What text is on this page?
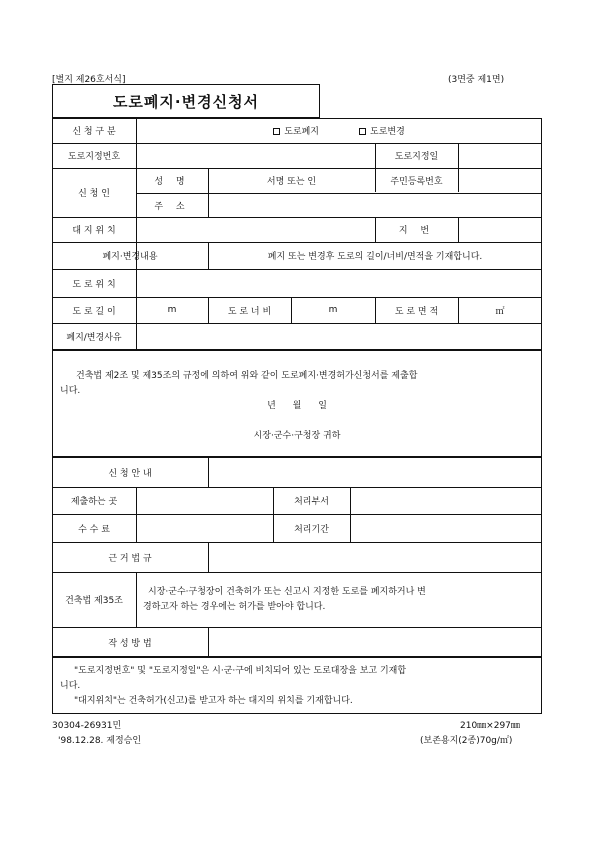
[별지 제26호서식]	(3면중 제1면)
도로폐지·변경신청서
신 청 구 분	도로폐지	도로변경
도로지정번호	도로지정일
신 청 인
성 명	서명 또는 인	주민등록번호
주 소
대 지 위 치	지 번
폐지·변경내용	폐지 또는 변경후 도로의 길이/너비/면적을 기재합니다.
도 로 위 치
도 로 길 이	m	도 로 너 비	m	도 로 면 적	㎡
폐지/변경사유
건축법 제2조 및 제35조의 규정에 의하여 위와 같이 도로폐지·변경허가신청서를 제출합
니다.
년 월 일
시장·군수·구청장 귀하
신 청 안 내
제출하는 곳	처리부서
수 수 료	처리기간
근 거 법 규
건축법 제35조
시장·군수·구청장이 건축허가 또는 신고시 지정한 도로를 폐지하거나 변
경하고자 하는 경우에는 허가를 받아야 합니다.
작 성 방 법
"도로지정번호" 및 "도로지정일"은 시·군·구에 비치되어 있는 도로대장을 보고 기재합
니다.
"대지위치"는 건축허가(신고)를 받고자 하는 대지의 위치를 기재합니다.
30304-26931민
'98.12.28. 제정승인
210㎜×297㎜
(보존용지(2종)70g/㎡)
